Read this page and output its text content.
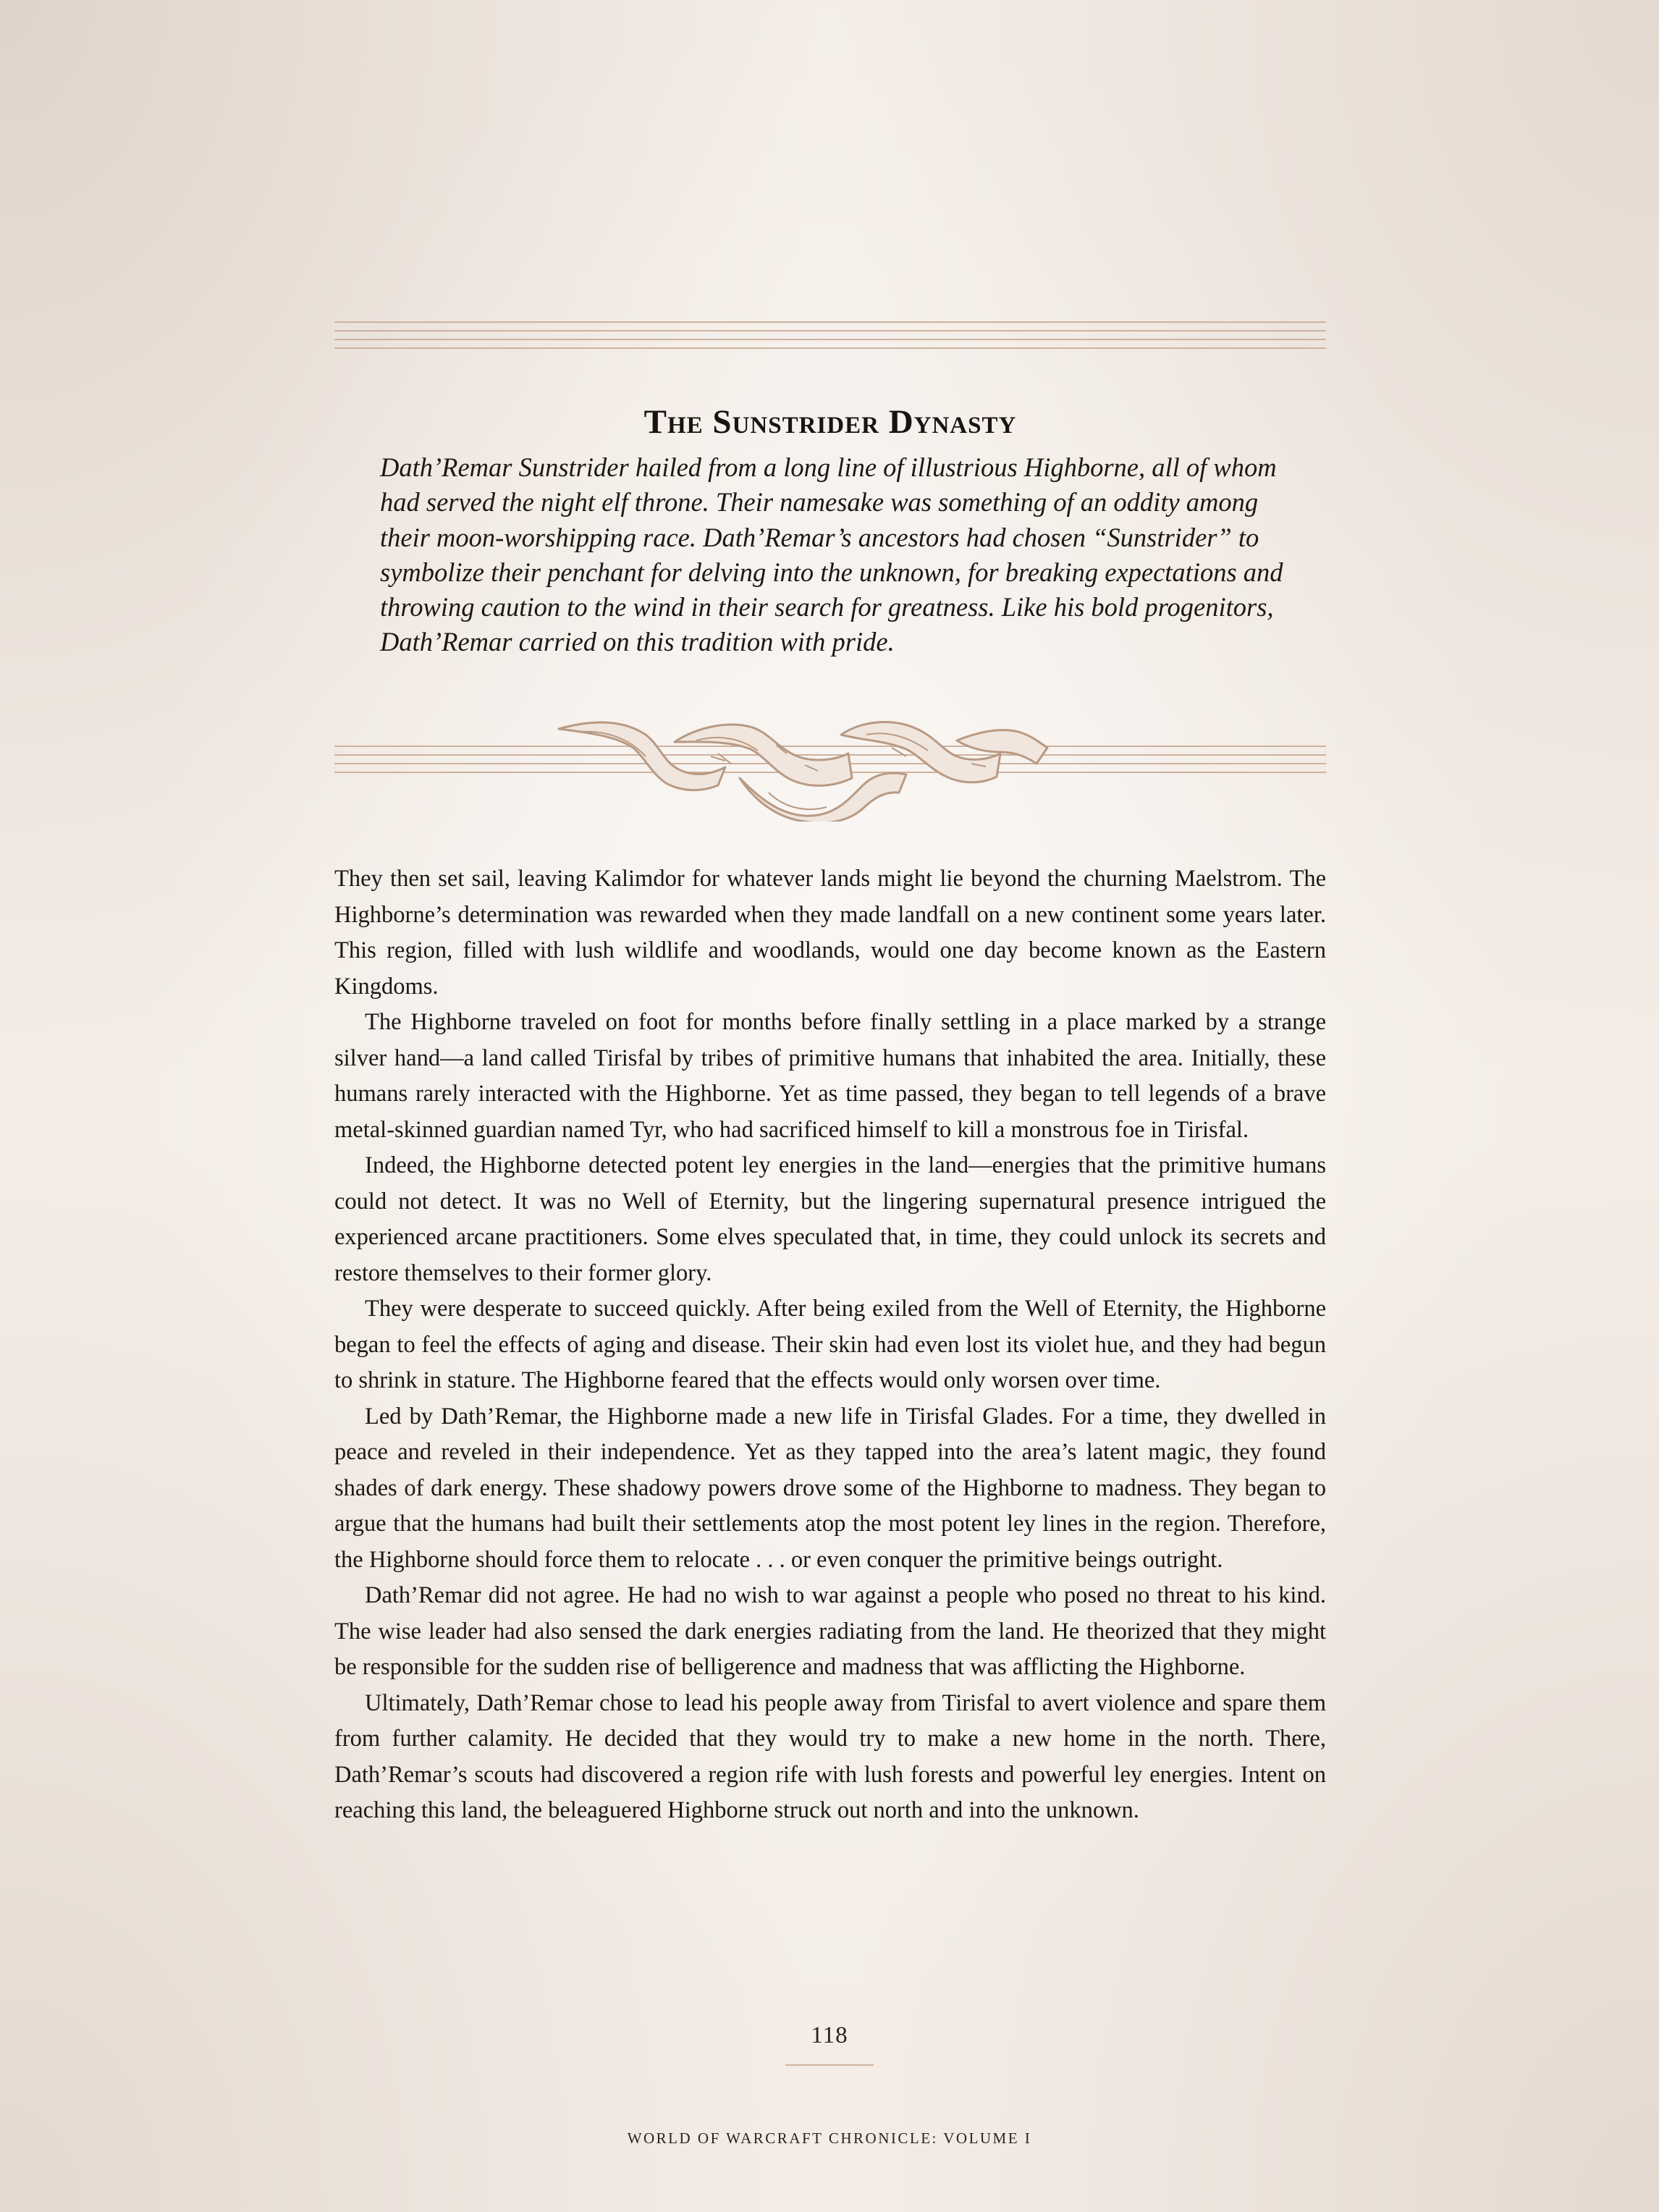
The Sunstrider Dynasty

Dath’Remar Sunstrider hailed from a long line of illustrious Highborne, all of whom had served the night elf throne. Their namesake was something of an oddity among their moon-worshipping race. Dath’Remar’s ancestors had chosen “Sunstrider” to symbolize their penchant for delving into the unknown, for breaking expectations and throwing caution to the wind in their search for greatness. Like his bold progenitors, Dath’Remar carried on this tradition with pride.

They then set sail, leaving Kalimdor for whatever lands might lie beyond the churning Maelstrom. The Highborne’s determination was rewarded when they made landfall on a new continent some years later. This region, filled with lush wildlife and woodlands, would one day become known as the Eastern Kingdoms.

The Highborne traveled on foot for months before finally settling in a place marked by a strange silver hand—a land called Tirisfal by tribes of primitive humans that inhabited the area. Initially, these humans rarely interacted with the Highborne. Yet as time passed, they began to tell legends of a brave metal-skinned guardian named Tyr, who had sacrificed himself to kill a monstrous foe in Tirisfal.

Indeed, the Highborne detected potent ley energies in the land—energies that the primitive humans could not detect. It was no Well of Eternity, but the lingering supernatural presence intrigued the experienced arcane practitioners. Some elves speculated that, in time, they could unlock its secrets and restore themselves to their former glory.

They were desperate to succeed quickly. After being exiled from the Well of Eternity, the Highborne began to feel the effects of aging and disease. Their skin had even lost its violet hue, and they had begun to shrink in stature. The Highborne feared that the effects would only worsen over time.

Led by Dath’Remar, the Highborne made a new life in Tirisfal Glades. For a time, they dwelled in peace and reveled in their independence. Yet as they tapped into the area’s latent magic, they found shades of dark energy. These shadowy powers drove some of the Highborne to madness. They began to argue that the humans had built their settlements atop the most potent ley lines in the region. Therefore, the Highborne should force them to relocate . . . or even conquer the primitive beings outright.

Dath’Remar did not agree. He had no wish to war against a people who posed no threat to his kind. The wise leader had also sensed the dark energies radiating from the land. He theorized that they might be responsible for the sudden rise of belligerence and madness that was afflicting the Highborne.

Ultimately, Dath’Remar chose to lead his people away from Tirisfal to avert violence and spare them from further calamity. He decided that they would try to make a new home in the north. There, Dath’Remar’s scouts had discovered a region rife with lush forests and powerful ley energies. Intent on reaching this land, the beleaguered Highborne struck out north and into the unknown.

118
WORLD OF WARCRAFT CHRONICLE: VOLUME I
